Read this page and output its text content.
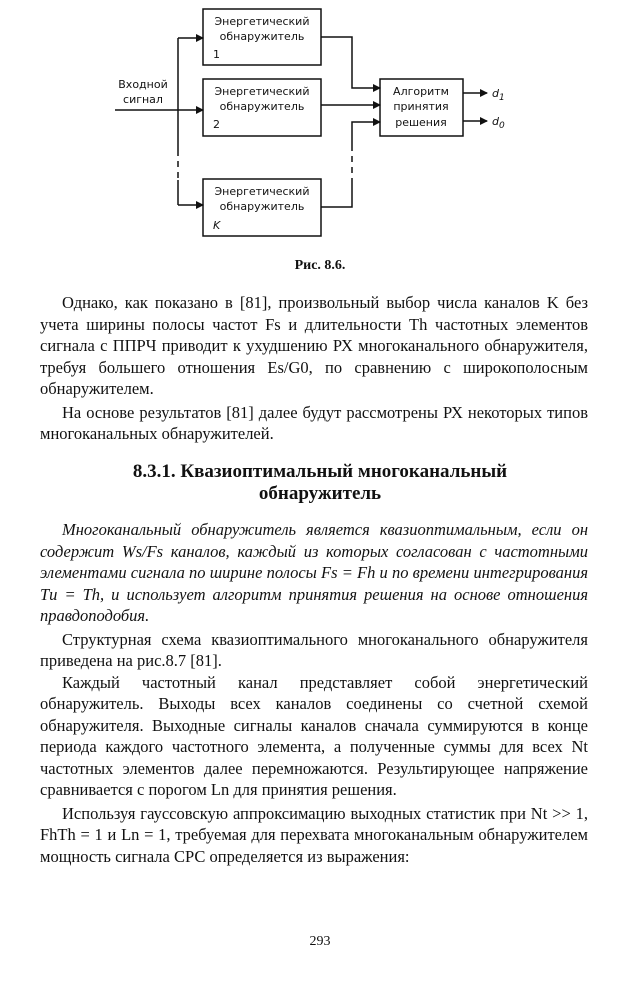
Входной
сигнал
Энергетический
обнаружитель
1
Энергетический
обнаружитель
2
Энергетический
обнаружитель
K
Алгоритм
принятия
решения
$d_1$
$d_0$
Рис. 8.6.

Однако, как показано в [81], произвольный выбор числа каналов K без учета ширины полосы частот Fs и длительности Th частотных элементов сигнала с ППРЧ приводит к ухудшению РХ многоканального обнаружителя, требуя большего отношения Es/G0, по сравнению с широкополосным обнаружителем.

На основе результатов [81] далее будут рассмотрены РХ некоторых типов многоканальных обнаружителей.

8.3.1. Квазиоптимальный многоканальный
обнаружитель

Многоканальный обнаружитель является квазиоптимальным, если он содержит Ws/Fs каналов, каждый из которых согласован с частотными элементами сигнала по ширине полосы Fs = Fh и по времени интегрирования Tи = Th, и использует алгоритм принятия решения на основе отношения правдоподобия.

Структурная схема квазиоптимального многоканального обнаружителя приведена на рис.8.7 [81].

Каждый частотный канал представляет собой энергетический обнаружитель. Выходы всех каналов соединены со счетной схемой обнаружителя. Выходные сигналы каналов сначала суммируются в конце периода каждого частотного элемента, а полученные суммы для всех Nt частотных элементов далее перемножаются. Результирующее напряжение сравнивается с порогом Ln для принятия решения.

Используя гауссовскую аппроксимацию выходных статистик при Nt >> 1, FhTh = 1 и Ln = 1, требуемая для перехвата многоканальным обнаружителем мощность сигнала СРС определяется из выражения:

293
